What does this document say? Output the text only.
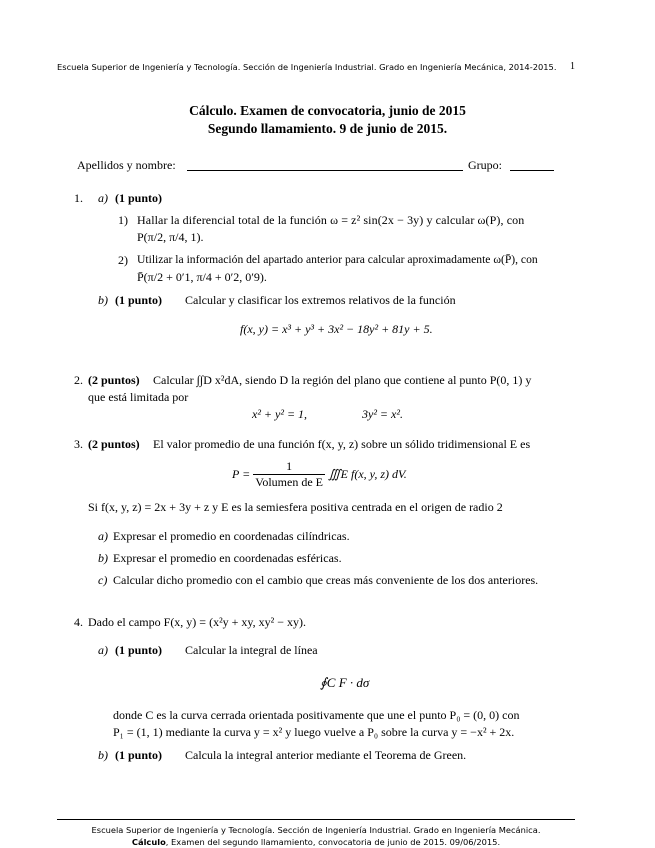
Escuela Superior de Ingeniería y Tecnología. Sección de Ingeniería Industrial. Grado en Ingeniería Mecánica, 2014-2015. 1
Cálculo. Examen de convocatoria, junio de 2015
Segundo llamamiento. 9 de junio de 2015.
Apellidos y nombre:	Grupo:
1. a) (1 punto)
1) Hallar la diferencial total de la función ω = z² sin(2x − 3y) y calcular ω(P), con
P(π/2, π/4, 1).
2) Utilizar la información del apartado anterior para calcular aproximadamente ω(P̄), con
P̄(π/2 + 0′1, π/4 + 0′2, 0′9).
b) (1 punto) Calcular y clasificar los extremos relativos de la función
f(x, y) = x³ + y³ + 3x² − 18y² + 81y + 5.
2. (2 puntos) Calcular ∫∫D x²dA, siendo D la región del plano que contiene al punto P(0, 1) y
que está limitada por
x² + y² = 1,	3y² = x².
3. (2 puntos) El valor promedio de una función f(x, y, z) sobre un sólido tridimensional E es
$P = \frac{1}{\text{Volumen de E}}$ ∭E f(x, y, z) dV.
Si f(x, y, z) = 2x + 3y + z y E es la semiesfera positiva centrada en el origen de radio 2
a) Expresar el promedio en coordenadas cilíndricas.
b) Expresar el promedio en coordenadas esféricas.
c) Calcular dicho promedio con el cambio que creas más conveniente de los dos anteriores.
4. Dado el campo F(x, y) = (x²y + xy, xy² − xy).
a) (1 punto) Calcular la integral de línea
∮C F · dσ
donde C es la curva cerrada orientada positivamente que une el punto P₀ = (0, 0) con
P₁ = (1, 1) mediante la curva y = x² y luego vuelve a P₀ sobre la curva y = −x² + 2x.
b) (1 punto) Calcula la integral anterior mediante el Teorema de Green.
Escuela Superior de Ingeniería y Tecnología. Sección de Ingeniería Industrial. Grado en Ingeniería Mecánica.
Cálculo, Examen del segundo llamamiento, convocatoria de junio de 2015. 09/06/2015.
